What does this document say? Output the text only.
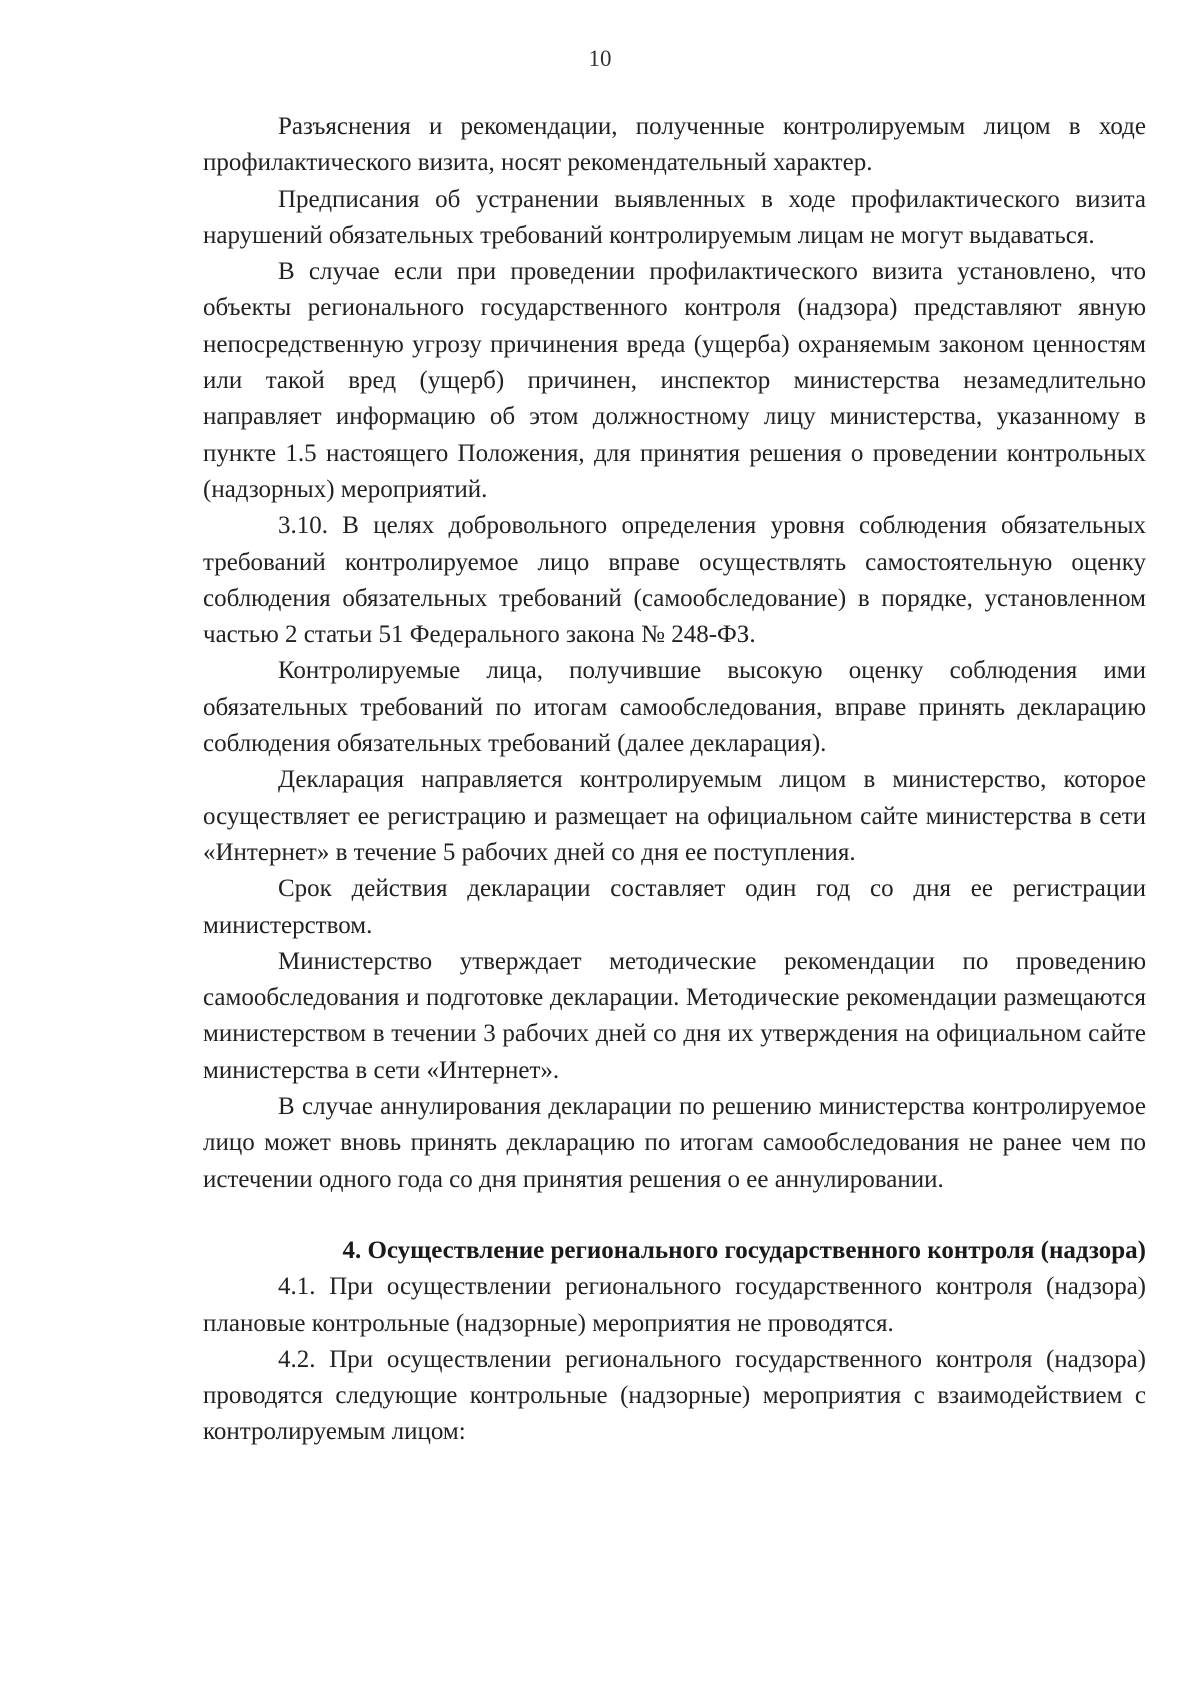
10

Разъяснения и рекомендации, полученные контролируемым лицом в ходе профилактического визита, носят рекомендательный характер.

Предписания об устранении выявленных в ходе профилактического визита нарушений обязательных требований контролируемым лицам не могут выдаваться.

В случае если при проведении профилактического визита установлено, что объекты регионального государственного контроля (надзора) представляют явную непосредственную угрозу причинения вреда (ущерба) охраняемым законом ценностям или такой вред (ущерб) причинен, инспектор министерства незамедлительно направляет информацию об этом должностному лицу министерства, указанному в пункте 1.5 настоящего Положения, для принятия решения о проведении контрольных (надзорных) мероприятий.

3.10. В целях добровольного определения уровня соблюдения обязательных требований контролируемое лицо вправе осуществлять самостоятельную оценку соблюдения обязательных требований (самообследование) в порядке, установленном частью 2 статьи 51 Федерального закона № 248-ФЗ.

Контролируемые лица, получившие высокую оценку соблюдения ими обязательных требований по итогам самообследования, вправе принять декларацию соблюдения обязательных требований (далее декларация).

Декларация направляется контролируемым лицом в министерство, которое осуществляет ее регистрацию и размещает на официальном сайте министерства в сети «Интернет» в течение 5 рабочих дней со дня ее поступления.

Срок действия декларации составляет один год со дня ее регистрации министерством.

Министерство утверждает методические рекомендации по проведению самообследования и подготовке декларации. Методические рекомендации размещаются министерством в течении 3 рабочих дней со дня их утверждения на официальном сайте министерства в сети «Интернет».

В случае аннулирования декларации по решению министерства контролируемое лицо может вновь принять декларацию по итогам самообследования не ранее чем по истечении одного года со дня принятия решения о ее аннулировании.

4. Осуществление регионального государственного контроля (надзора)

4.1. При осуществлении регионального государственного контроля (надзора) плановые контрольные (надзорные) мероприятия не проводятся.

4.2. При осуществлении регионального государственного контроля (надзора) проводятся следующие контрольные (надзорные) мероприятия с взаимодействием с контролируемым лицом:
